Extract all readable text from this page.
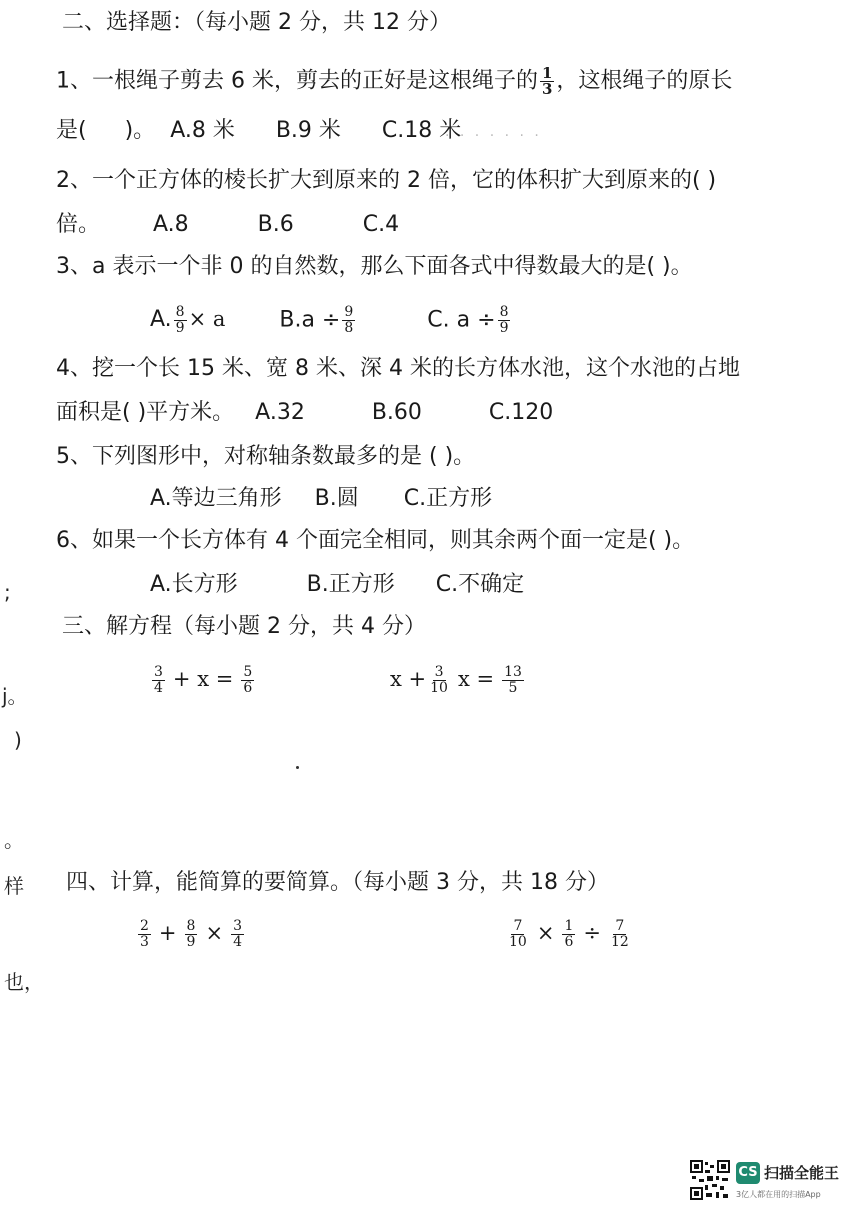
二、选择题：（每小题 2 分，共 12 分）
1、一根绳子剪去 6 米，剪去的正好是这根绳子的 $\frac{1}{3}$ ，这根绳子的原长
是( )。 A.8 米 B.9 米 C.18 米
· · · · · · ·
2、一个正方体的棱长扩大到原来的 2 倍，它的体积扩大到原来的( )
倍。 A.8	B.6	C.4
3、a 表示一个非 0 的自然数，那么下面各式中得数最大的是( )。
A. $\frac{8}{9} \times a$ $B.a \div \frac{9}{8}$	C. $a \div \frac{8}{9}$
4、挖一个长 15 米、宽 8 米、深 4 米的长方体水池，这个水池的占地
面积是( )平方米。 A.32	B.60	C.120
5、下列图形中，对称轴条数最多的是 ( )。
A.等边三角形 B.圆 C.正方形
6、如果一个长方体有 4 个面完全相同，则其余两个面一定是( )。
A.长方形	B.正方形 C.不确定
三、解方程（每小题 2 分，共 4 分）
$\frac{3}{4} + x = \frac{5}{6}$	$x + \frac{3}{10}$ $x = \frac{13}{5}$
四、计算，能简算的要简算。（每小题 3 分，共 18 分）
$\frac{2}{3} + \frac{8}{9} \times \frac{3}{4}$	$\frac{7}{10} \times \frac{1}{6} \div \frac{7}{12}$
;
j。
)
。
样
也，
CS 扫描全能王
3亿人都在用的扫描App
